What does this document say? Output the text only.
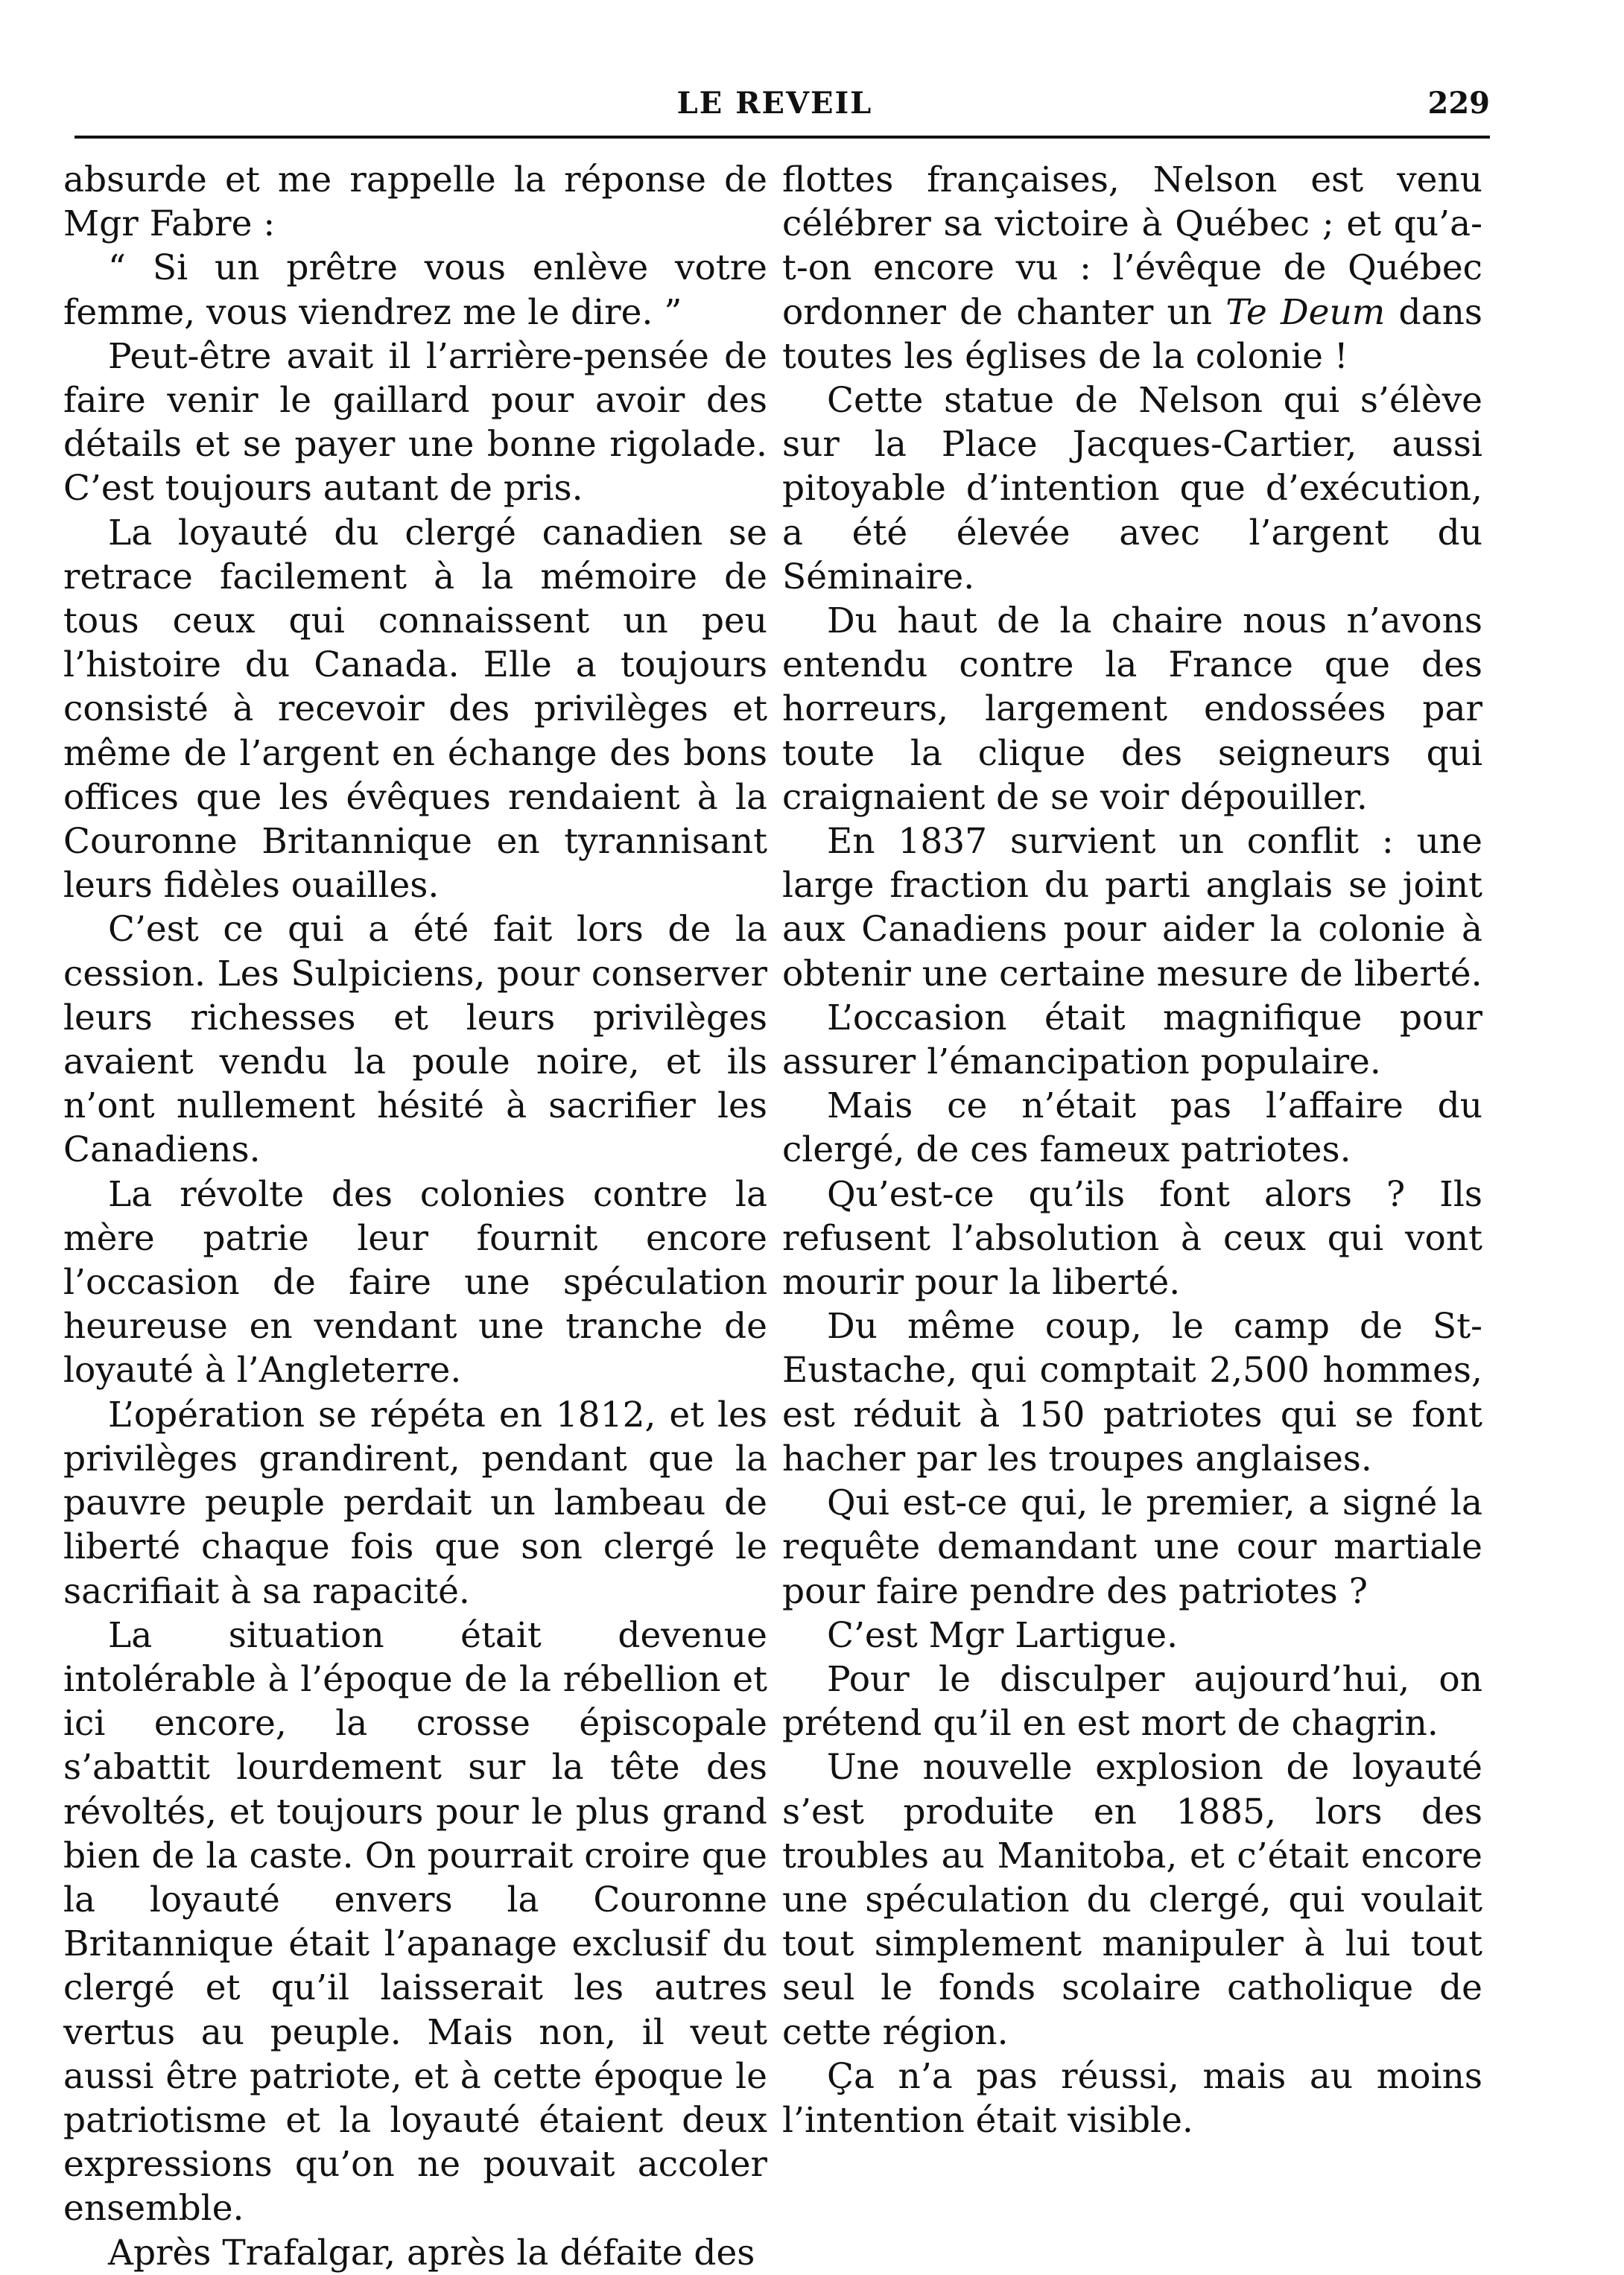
LE REVEIL	229

absurde et me rappelle la réponse de Mgr Fabre :

“ Si un prêtre vous enlève votre femme, vous viendrez me le dire. ”

Peut-être avait il l’arrière-pensée de faire venir le gaillard pour avoir des détails et se payer une bonne rigolade. C’est toujours autant de pris.

La loyauté du clergé canadien se retrace facilement à la mémoire de tous ceux qui connaissent un peu l’histoire du Canada. Elle a toujours consisté à recevoir des privilèges et même de l’argent en échange des bons offices que les évêques rendaient à la Couronne Britannique en tyrannisant leurs fidèles ouailles.

C’est ce qui a été fait lors de la cession. Les Sulpiciens, pour conserver leurs richesses et leurs privilèges avaient vendu la poule noire, et ils n’ont nullement hésité à sacrifier les Canadiens.

La révolte des colonies contre la mère patrie leur fournit encore l’occasion de faire une spéculation heureuse en vendant une tranche de loyauté à l’Angleterre.

L’opération se répéta en 1812, et les privilèges grandirent, pendant que la pauvre peuple perdait un lambeau de liberté chaque fois que son clergé le sacrifiait à sa rapacité.

La situation était devenue intolérable à l’époque de la rébellion et ici encore, la crosse épiscopale s’abattit lourdement sur la tête des révoltés, et toujours pour le plus grand bien de la caste. On pourrait croire que la loyauté envers la Couronne Britannique était l’apanage exclusif du clergé et qu’il laisserait les autres vertus au peuple. Mais non, il veut aussi être patriote, et à cette époque le patriotisme et la loyauté étaient deux expressions qu’on ne pouvait accoler ensemble.

Après Trafalgar, après la défaite des

flottes françaises, Nelson est venu célébrer sa victoire à Québec ; et qu’a-t-on encore vu : l’évêque de Québec ordonner de chanter un Te Deum dans toutes les églises de la colonie !

Cette statue de Nelson qui s’élève sur la Place Jacques-Cartier, aussi pitoyable d’intention que d’exécution, a été élevée avec l’argent du Séminaire.

Du haut de la chaire nous n’avons entendu contre la France que des horreurs, largement endossées par toute la clique des seigneurs qui craignaient de se voir dépouiller.

En 1837 survient un conflit : une large fraction du parti anglais se joint aux Canadiens pour aider la colonie à obtenir une certaine mesure de liberté.

L’occasion était magnifique pour assurer l’émancipation populaire.

Mais ce n’était pas l’affaire du clergé, de ces fameux patriotes.

Qu’est-ce qu’ils font alors ? Ils refusent l’absolution à ceux qui vont mourir pour la liberté.

Du même coup, le camp de St-Eustache, qui comptait 2,500 hommes, est réduit à 150 patriotes qui se font hacher par les troupes anglaises.

Qui est-ce qui, le premier, a signé la requête demandant une cour martiale pour faire pendre des patriotes ?

C’est Mgr Lartigue.

Pour le disculper aujourd’hui, on prétend qu’il en est mort de chagrin.

Une nouvelle explosion de loyauté s’est produite en 1885, lors des troubles au Manitoba, et c’était encore une spéculation du clergé, qui voulait tout simplement manipuler à lui tout seul le fonds scolaire catholique de cette région.

Ça n’a pas réussi, mais au moins l’intention était visible.
